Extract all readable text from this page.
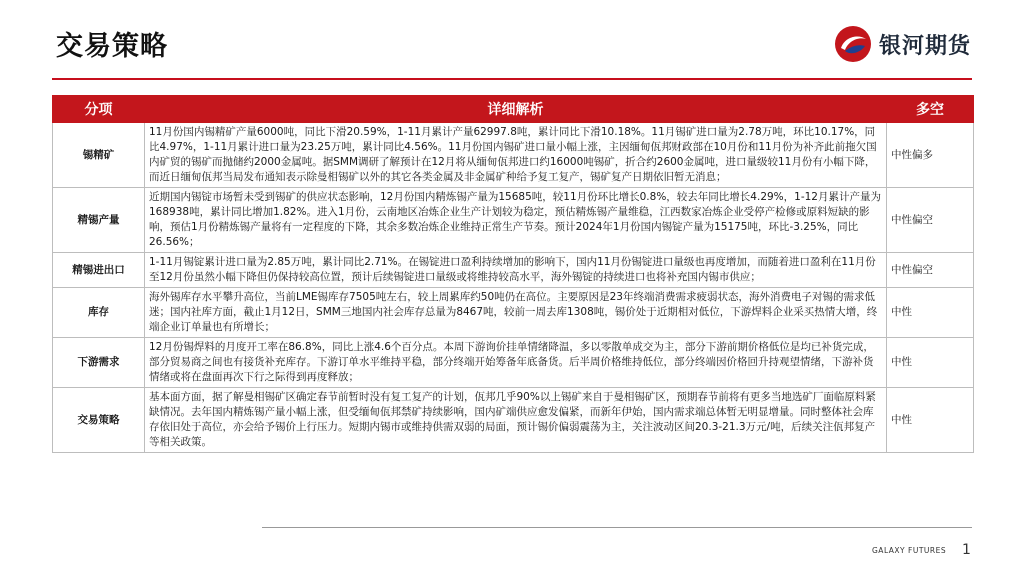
交易策略	银河期货
分项	详细解析	多空
锡精矿	11月份国内锡精矿产量6000吨，同比下滑20.59%，1-11月累计产量62997.8吨，累计同比下滑10.18%。11月锡矿进口量为2.78万吨，环比10.17%，同比4.97%，1-11月累计进口量为23.25万吨，累计同比4.56%。11月份国内锡矿进口量小幅上涨，主因缅甸佤邦财政部在10月份和11月份为补齐此前拖欠国内矿贸的锡矿而抛储约2000金属吨。据SMM调研了解预计在12月将从缅甸佤邦进口约16000吨锡矿，折合约2600金属吨，进口量级较11月份有小幅下降，而近日缅甸佤邦当局发布通知表示除曼相锡矿以外的其它各类金属及非金属矿种给予复工复产，锡矿复产日期依旧暂无消息；	中性偏多
精锡产量	近期国内锡锭市场暂未受到锡矿的供应状态影响，12月份国内精炼锡产量为15685吨，较11月份环比增长0.8%，较去年同比增长4.29%，1-12月累计产量为168938吨，累计同比增加1.82%。进入1月份，云南地区冶炼企业生产计划较为稳定，预估精炼锡产量维稳，江西数家冶炼企业受停产检修或原料短缺的影响，预估1月份精炼锡产量将有一定程度的下降，其余多数冶炼企业维持正常生产节奏。预计2024年1月份国内锡锭产量为15175吨，环比-3.25%，同比26.56%；	中性偏空
精锡进出口	1-11月锡锭累计进口量为2.85万吨，累计同比2.71%。在锡锭进口盈利持续增加的影响下，国内11月份锡锭进口量级也再度增加，而随着进口盈利在11月份至12月份虽然小幅下降但仍保持较高位置，预计后续锡锭进口量级或将维持较高水平，海外锡锭的持续进口也将补充国内锡市供应；	中性偏空
库存	海外锡库存水平攀升高位，当前LME锡库存7505吨左右，较上周累库约50吨仍在高位。主要原因是23年终端消费需求疲弱状态，海外消费电子对锡的需求低迷；国内社库方面，截止1月12日，SMM三地国内社会库存总量为8467吨，较前一周去库1308吨，锡价处于近期相对低位，下游焊料企业采买热情大增，终端企业订单量也有所增长；	中性
下游需求	12月份锡焊料的月度开工率在86.8%，同比上涨4.6个百分点。本周下游询价挂单情绪降温，多以零散单成交为主，部分下游前期价格低位是均已补货完成，部分贸易商之间也有接货补充库存。下游订单水平维持平稳，部分终端开始筹备年底备货。后半周价格维持低位，部分终端因价格回升持观望情绪，下游补货情绪或将在盘面再次下行之际得到再度释放；	中性
交易策略	基本面方面，据了解曼相锡矿区确定春节前暂时没有复工复产的计划，佤邦几乎90%以上锡矿来自于曼相锡矿区，预期春节前将有更多当地选矿厂面临原料紧缺情况。去年国内精炼锡产量小幅上涨，但受缅甸佤邦禁矿持续影响，国内矿端供应愈发偏紧，而新年伊始，国内需求端总体暂无明显增量。同时整体社会库存依旧处于高位，亦会给予锡价上行压力。短期内锡市或维持供需双弱的局面，预计锡价偏弱震荡为主，关注波动区间20.3-21.3万元/吨，后续关注佤邦复产等相关政策。	中性
GALAXY FUTURES 1
